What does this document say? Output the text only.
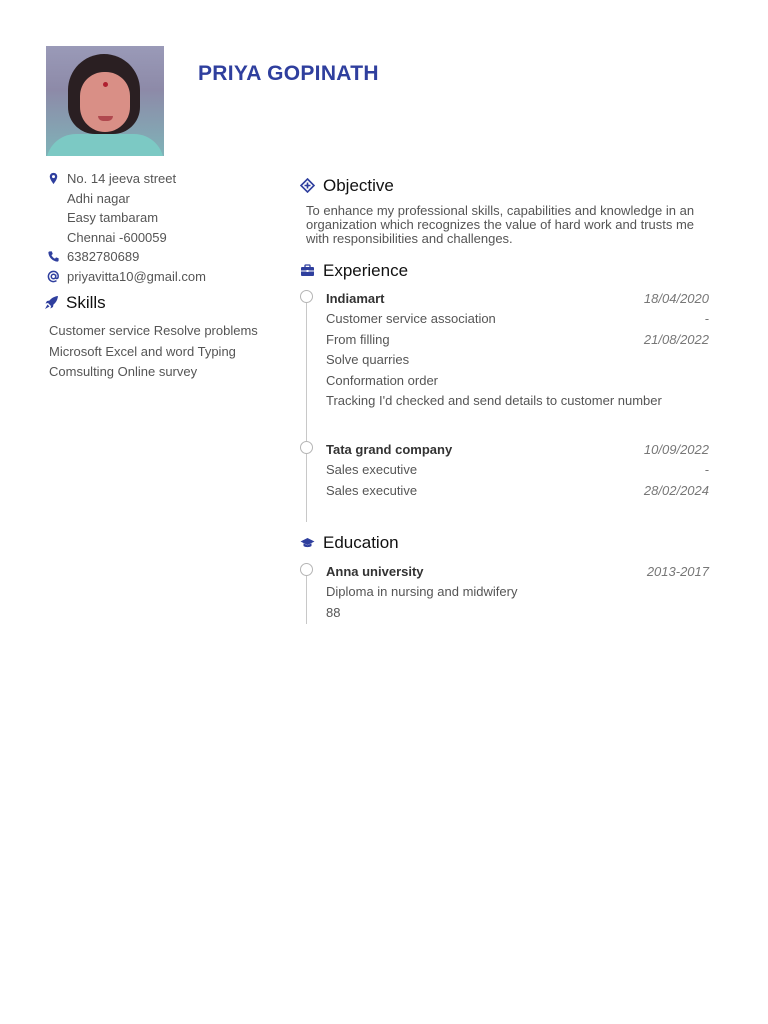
PRIYA GOPINATH
No. 14 jeeva street
Adhi nagar
Easy tambaram
Chennai -600059
6382780689
priyavitta10@gmail.com
Skills
Customer service Resolve problems
Microsoft Excel and word Typing
Comsulting Online survey
Objective

To enhance my professional skills, capabilities and knowledge in an organization which recognizes the value of hard work and trusts me with responsibilities and challenges.

Experience
Indiamart	18/04/2020
Customer service association	-
From filling	21/08/2022
Solve quarries
Conformation order
Tracking I'd checked and send details to customer number
Tata grand company	10/09/2022
Sales executive	-
Sales executive	28/02/2024
Education
Anna university	2013-2017
Diploma in nursing and midwifery
88
